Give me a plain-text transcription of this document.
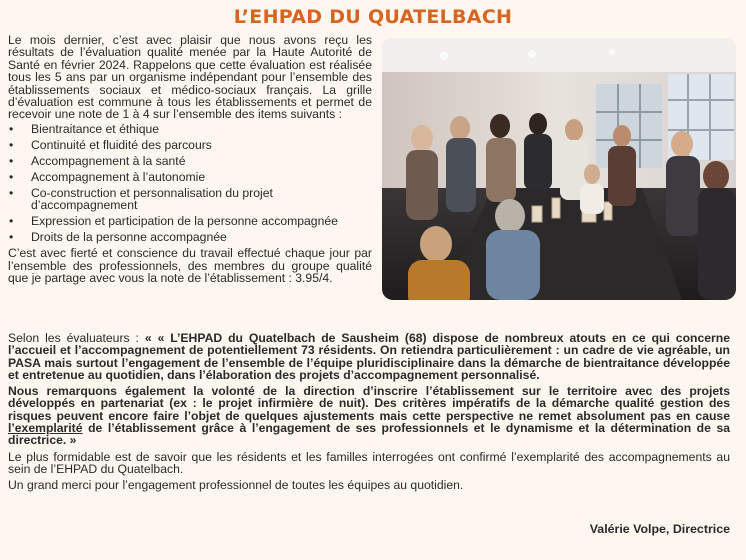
L’EHPAD DU QUATELBACH

Le mois dernier, c’est avec plaisir que nous avons reçu les résultats de l’évaluation qualité menée par la Haute Autorité de Santé en février 2024. Rappelons que cette évaluation est réalisée tous les 5 ans par un organisme indépendant pour l’ensemble des établissements sociaux et médico-sociaux français. La grille d’évaluation est commune à tous les établissements et permet de recevoir une note de 1 à 4 sur l’ensemble des items suivants :

• Bientraitance et éthique
• Continuité et fluidité des parcours
• Accompagnement à la santé
• Accompagnement à l’autonomie
• Co-construction et personnalisation du projet d’accompagnement
• Expression et participation de la personne accompagnée
• Droits de la personne accompagnée

C’est avec fierté et conscience du travail effectué chaque jour par l’ensemble des professionnels, des membres du groupe qualité que je partage avec vous la note de l’établissement : 3.95/4.

Selon les évaluateurs : « « L’EHPAD du Quatelbach de Sausheim (68) dispose de nombreux atouts en ce qui concerne l’accueil et l’accompagnement de potentiellement 73 résidents. On retiendra particulièrement : un cadre de vie agréable, un PASA mais surtout l’engagement de l’ensemble de l’équipe pluridisciplinaire dans la démarche de bientraitance développée et entretenue au quotidien, dans l’élaboration des projets d’accompagnement personnalisé.

Nous remarquons également la volonté de la direction d’inscrire l’établissement sur le territoire avec des projets développés en partenariat (ex : le projet infirmière de nuit). Des critères impératifs de la démarche qualité gestion des risques peuvent encore faire l’objet de quelques ajustements mais cette perspective ne remet absolument pas en cause l’exemplarité de l’établissement grâce à l’engagement de ses professionnels et le dynamisme et la détermination de sa directrice. »

Le plus formidable est de savoir que les résidents et les familles interrogées ont confirmé l’exemplarité des accompagnements au sein de l’EHPAD du Quatelbach.

Un grand merci pour l’engagement professionnel de toutes les équipes au quotidien.

Valérie Volpe, Directrice
